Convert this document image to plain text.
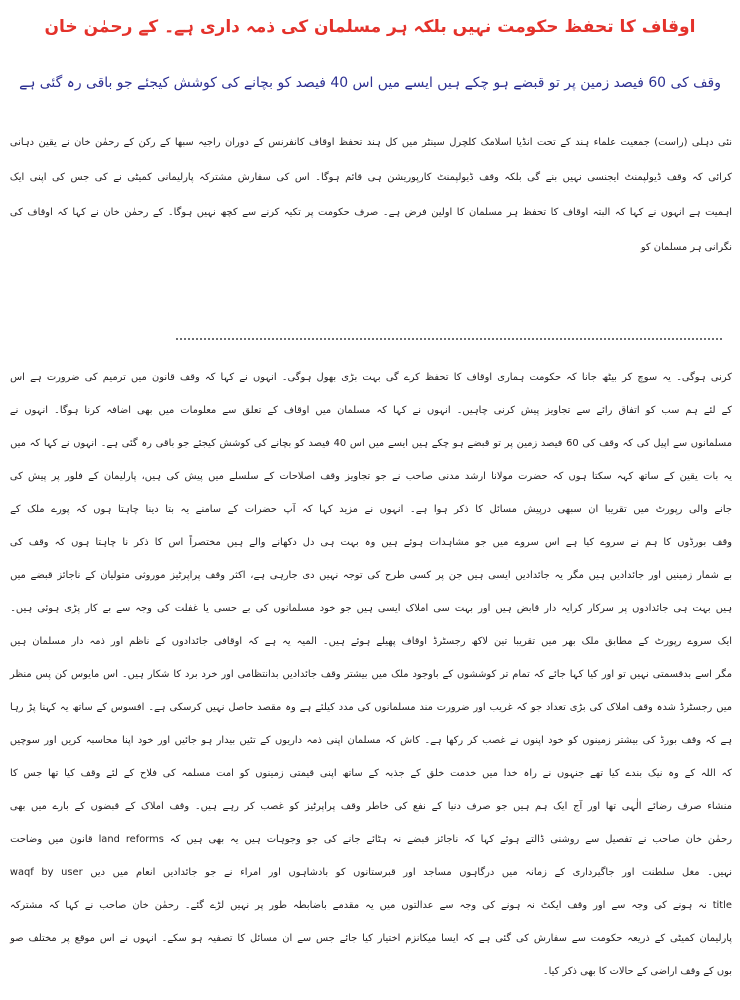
اوقاف کا تحفظ حکومت نہیں بلکہ ہر مسلمان کی ذمہ داری ہے۔ کے رحمٰن خان
وقف کی 60 فیصد زمین پر تو قبضے ہو چکے ہیں ایسے میں اس 40 فیصد کو بچانے کی کوشش کیجئے جو باقی رہ گئی ہے
نئی دہلی (راست) جمعیت علماء ہند کے تحت انڈیا اسلامک کلچرل سینٹر میں کل ہند تحفظ اوقاف کانفرنس کے دوران راجیہ سبھا کے رکن کے رحمٰن خان نے یقین دہانی
کرائی کہ وقف ڈیولپمنٹ ایجنسی نہیں بنے گی بلکہ وقف ڈیولپمنٹ کارپوریشن ہی قائم ہوگا۔ اس کی سفارش مشترکہ پارلیمانی کمیٹی نے کی جس کی اپنی ایک
اہمیت ہے انہوں نے کہا کہ البتہ اوقاف کا تحفظ ہر مسلمان کا اولین فرض ہے۔ صرف حکومت پر تکیہ کرنے سے کچھ نہیں ہوگا۔ کے رحمٰن خان نے کہا کہ اوقاف کی
نگرانی ہر مسلمان کو
کرنی ہوگی۔ یہ سوچ کر بیٹھ جانا کہ حکومت ہماری اوقاف کا تحفظ کرے گی بہت بڑی بھول ہوگی۔ انہوں نے کہا کہ وقف قانون میں ترمیم کی ضرورت ہے اس
کے لئے ہم سب کو اتفاق رائے سے تجاویز پیش کرنی چاہیں۔ انہوں نے کہا کہ مسلمان میں اوقاف کے تعلق سے معلومات میں بھی اضافہ کرنا ہوگا۔ انہوں نے
مسلمانوں سے اپیل کی کہ وقف کی 60 فیصد زمین پر تو قبضے ہو چکے ہیں ایسے میں اس 40 فیصد کو بچانے کی کوشش کیجئے جو باقی رہ گئی ہے۔ انہوں نے کہا کہ میں
یہ بات یقین کے ساتھ کہہ سکتا ہوں کہ حضرت مولانا ارشد مدنی صاحب نے جو تجاویز وقف اصلاحات کے سلسلے میں پیش کی ہیں، پارلیمان کے فلور پر پیش کی
جانے والی رپورٹ میں تقریبا ان سبھی درپیش مسائل کا ذکر ہوا ہے۔ انہوں نے مزید کہا کہ آپ حضرات کے سامنے یہ بتا دینا چاہتا ہوں کہ پورے ملک کے
وقف بورڈوں کا ہم نے سروے کیا ہے اس سروے میں جو مشاہدات ہوئے ہیں وہ بہت ہی دل دکھانے والے ہیں مختصراً اس کا ذکر نا چاہتا ہوں کہ وقف کی
بے شمار زمینیں اور جائدادیں ہیں مگر یہ جائدادیں ایسی ہیں جن پر کسی طرح کی توجہ نہیں دی جارہی ہے، اکثر وقف پراپرٹیز موروثی متولیان کے ناجائز قبضے میں
ہیں بہت ہی جائدادوں پر سرکار کرایہ دار قابض ہیں اور بہت سی املاک ایسی ہیں جو خود مسلمانوں کی بے حسی یا غفلت کی وجہ سے بے کار پڑی ہوئی ہیں۔
ایک سروے رپورٹ کے مطابق ملک بھر میں تقریبا تین لاکھ رجسٹرڈ اوقاف پھیلے ہوئے ہیں۔ المیہ یہ ہے کہ اوقافی جائدادوں کے ناظم اور ذمہ دار مسلمان ہیں
مگر اسے بدقسمتی نہیں تو اور کیا کہا جائے کہ تمام تر کوششوں کے باوجود ملک میں بیشتر وقف جائدادیں بدانتظامی اور خرد برد کا شکار ہیں۔ اس مایوس کن پس منظر
میں رجسٹرڈ شدہ وقف املاک کی بڑی تعداد جو کہ غریب اور ضرورت مند مسلمانوں کی مدد کیلئے ہے وہ مقصد حاصل نہیں کرسکی ہے۔ افسوس کے ساتھ یہ کہنا پڑ رہا
ہے کہ وقف بورڈ کی بیشتر زمینوں کو خود اپنوں نے غصب کر رکھا ہے۔ کاش کہ مسلمان اپنی ذمہ داریوں کے تئیں بیدار ہو جائیں اور خود اپنا محاسبہ کریں اور سوچیں
کہ اللہ کے وہ نیک بندے کیا تھے جنہوں نے راہ خدا میں خدمت خلق کے جذبہ کے ساتھ اپنی قیمتی زمینوں کو امت مسلمہ کی فلاح کے لئے وقف کیا تھا جس کا
منشاء صرف رضائے الٰہی تھا اور آج ایک ہم ہیں جو صرف دنیا کے نفع کی خاطر وقف پراپرٹیز کو غصب کر رہے ہیں۔ وقف املاک کے قبضوں کے بارے میں بھی
رحمٰن خان صاحب نے تفصیل سے روشنی ڈالتے ہوئے کہا کہ ناجائز قبضے نہ ہٹائے جانے کی جو وجوہات ہیں یہ بھی ہیں کہ land reforms قانون میں وضاحت
نہیں۔ مغل سلطنت اور جاگیرداری کے زمانہ میں درگاہوں مساجد اور قبرستانوں کو بادشاہوں اور امراء نے جو جائدادیں انعام میں دیں waqf by user
title نہ ہونے کی وجہ سے اور وقف ایکٹ نہ ہونے کی وجہ سے عدالتوں میں یہ مقدمے باضابطہ طور پر نہیں لڑے گئے۔ رحمٰن خان صاحب نے کہا کہ مشترکہ
پارلیمان کمیٹی کے ذریعہ حکومت سے سفارش کی گئی ہے کہ ایسا میکانزم اختیار کیا جائے جس سے ان مسائل کا تصفیہ ہو سکے۔ انہوں نے اس موقع پر مختلف صو
بوں کے وقف اراضی کے حالات کا بھی ذکر کیا۔
